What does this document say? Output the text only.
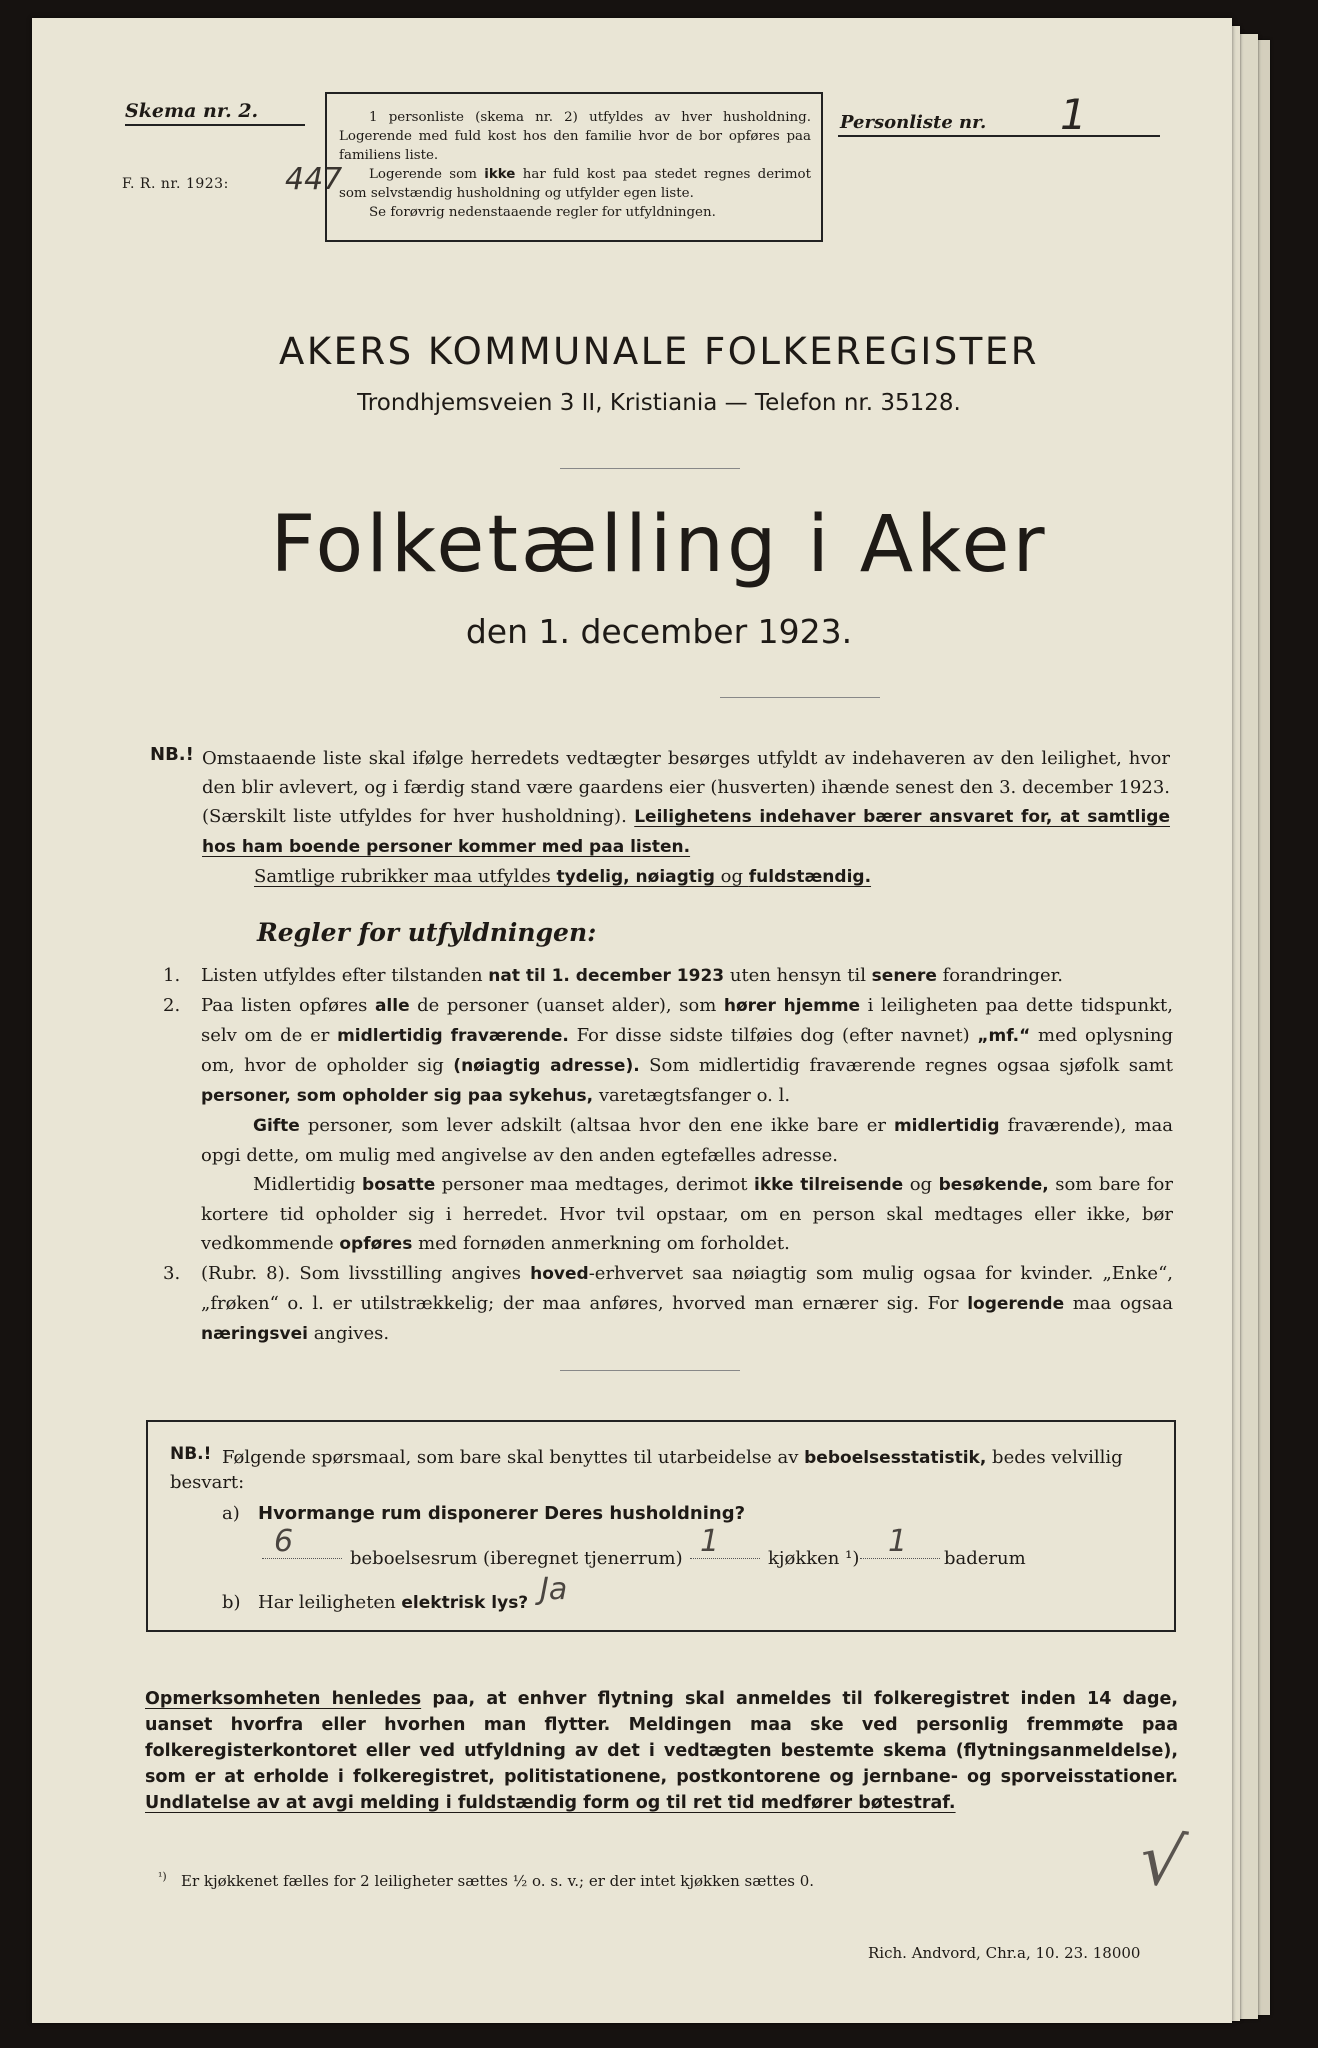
Skema nr. 2.
F. R. nr. 1923: 447

1 personliste (skema nr. 2) utfyldes av hver husholdning. Logerende med fuld kost hos den familie hvor de bor opføres paa familiens liste.

Logerende som ikke har fuld kost paa stedet regnes derimot som selvstændig husholdning og utfylder egen liste.

Se forøvrig nedenstaaende regler for utfyldningen.

Personliste nr. 1
AKERS KOMMUNALE FOLKEREGISTER
Trondhjemsveien 3 II, Kristiania — Telefon nr. 35128.
Folketælling i Aker
den 1. december 1923.
NB.! Omstaaende liste skal ifølge herredets vedtægter besørges utfyldt av indehaveren av den leilighet, hvor den blir avlevert, og i færdig stand være gaardens eier (husverten) ihænde senest den 3. december 1923. (Særskilt liste utfyldes for hver husholdning). Leilighetens indehaver bærer ansvaret for, at samtlige hos ham boende personer kommer med paa listen.
Samtlige rubrikker maa utfyldes tydelig, nøiagtig og fuldstændig.
Regler for utfyldningen:
1. Listen utfyldes efter tilstanden nat til 1. december 1923 uten hensyn til senere forandringer.
2. Paa listen opføres alle de personer (uanset alder), som hører hjemme i leiligheten paa dette tidspunkt, selv om de er midlertidig fraværende. For disse sidste tilføies dog (efter navnet) „mf.“ med oplysning om, hvor de opholder sig (nøiagtig adresse). Som midlertidig fraværende regnes ogsaa sjøfolk samt personer, som opholder sig paa sykehus, varetægtsfanger o. l.
Gifte personer, som lever adskilt (altsaa hvor den ene ikke bare er midlertidig fraværende), maa opgi dette, om mulig med angivelse av den anden egtefælles adresse.
Midlertidig bosatte personer maa medtages, derimot ikke tilreisende og besøkende, som bare for kortere tid opholder sig i herredet. Hvor tvil opstaar, om en person skal medtages eller ikke, bør vedkommende opføres med fornøden anmerkning om forholdet.
3. (Rubr. 8). Som livsstilling angives hoved-erhvervet saa nøiagtig som mulig ogsaa for kvinder. „Enke“, „frøken“ o. l. er utilstrækkelig; der maa anføres, hvorved man ernærer sig. For logerende maa ogsaa næringsvei angives.
NB.! Følgende spørsmaal, som bare skal benyttes til utarbeidelse av beboelsesstatistik, bedes velvillig
besvart:
a) Hvormange rum disponerer Deres husholdning?
6	beboelsesrum (iberegnet tjenerrum) 1	kjøkken ¹) 1 baderum
b) Har leiligheten elektrisk lys? Ja
Opmerksomheten henledes paa, at enhver flytning skal anmeldes til folkeregistret inden 14 dage, uanset hvorfra eller hvorhen man flytter. Meldingen maa ske ved personlig fremmøte paa folkeregisterkontoret eller ved utfyldning av det i vedtægten bestemte skema (flytningsanmeldelse), som er at erholde i folkeregistret, politistationene, postkontorene og jernbane- og sporveisstationer. Undlatelse av at avgi melding i fuldstændig form og til ret tid medfører bøtestraf.
$^{^1)}$ Er kjøkkenet fælles for 2 leiligheter sættes ½ o. s. v.; er der intet kjøkken sættes 0.	√
Rich. Andvord, Chr.a, 10. 23. 18000
